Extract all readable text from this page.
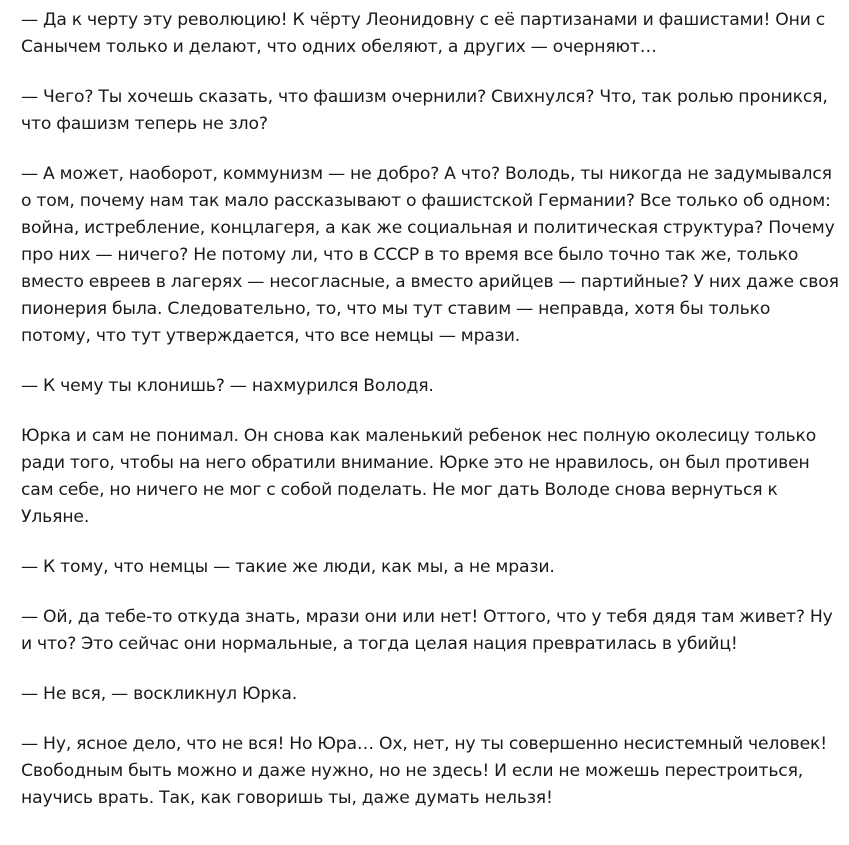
— Да к черту эту революцию! К чёрту Леонидовну с её партизанами и фашистами! Они с Санычем только и делают, что одних обеляют, а других — очерняют…

— Чего? Ты хочешь сказать, что фашизм очернили? Свихнулся? Что, так ролью проникся, что фашизм теперь не зло?

— А может, наоборот, коммунизм — не добро? А что? Володь, ты никогда не задумывался о том, почему нам так мало рассказывают о фашистской Германии? Все только об одном: война, истребление, концлагеря, а как же социальная и политическая структура? Почему про них — ничего? Не потому ли, что в СССР в то время все было точно так же, только вместо евреев в лагерях — несогласные, а вместо арийцев — партийные? У них даже своя пионерия была. Следовательно, то, что мы тут ставим — неправда, хотя бы только потому, что тут утверждается, что все немцы — мрази.

— К чему ты клонишь? — нахмурился Володя.

Юрка и сам не понимал. Он снова как маленький ребенок нес полную околесицу только ради того, чтобы на него обратили внимание. Юрке это не нравилось, он был противен сам себе, но ничего не мог с собой поделать. Не мог дать Володе снова вернуться к Ульяне.

— К тому, что немцы — такие же люди, как мы, а не мрази.

— Ой, да тебе-то откуда знать, мрази они или нет! Оттого, что у тебя дядя там живет? Ну и что? Это сейчас они нормальные, а тогда целая нация превратилась в убийц!

— Не вся, — воскликнул Юрка.

— Ну, ясное дело, что не вся! Но Юра… Ох, нет, ну ты совершенно несистемный человек! Свободным быть можно и даже нужно, но не здесь! И если не можешь перестроиться, научись врать. Так, как говоришь ты, даже думать нельзя!
